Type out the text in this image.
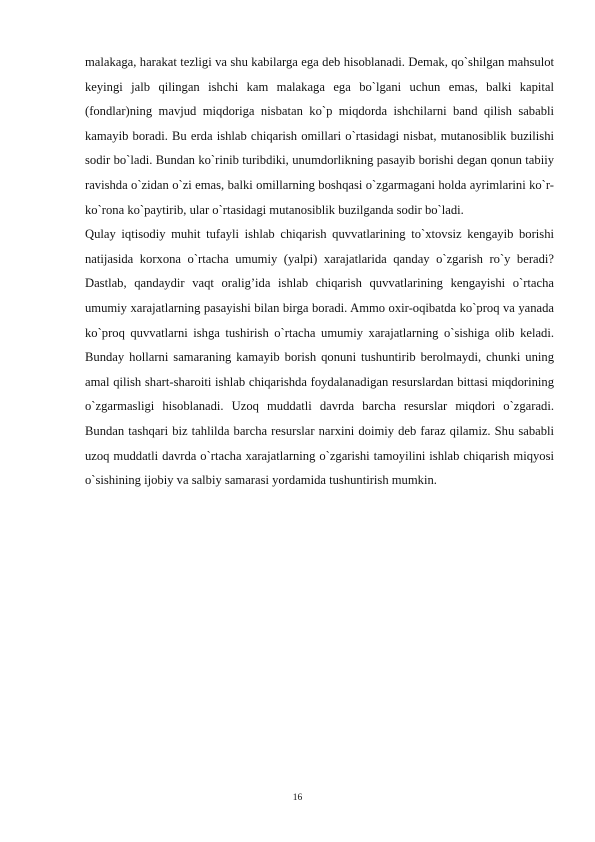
malakaga, harakat tezligi va shu kabilarga ega deb hisoblanadi. Demak, qo`shilgan mahsulot keyingi jalb qilingan ishchi kam malakaga ega bo`lgani uchun emas, balki kapital (fondlar)ning mavjud miqdoriga nisbatan ko`p miqdorda ishchilarni band qilish sababli kamayib boradi. Bu erda ishlab chiqarish omillari o`rtasidagi nisbat, mutanosiblik buzilishi sodir bo`ladi. Bundan ko`rinib turibdiki, unumdorlikning pasayib borishi degan qonun tabiiy ravishda o`zidan o`zi emas, balki omillarning boshqasi o`zgarmagani holda ayrimlarini ko`r-ko`rona ko`paytirib, ular o`rtasidagi mutanosiblik buzilganda sodir bo`ladi.

Qulay iqtisodiy muhit tufayli ishlab chiqarish quvvatlarining to`xtovsiz kengayib borishi natijasida korxona o`rtacha umumiy (yalpi) xarajatlarida qanday o`zgarish ro`y beradi? Dastlab, qandaydir vaqt oralig’ida ishlab chiqarish quvvatlarining kengayishi o`rtacha umumiy xarajatlarning pasayishi bilan birga boradi. Ammo oxir-oqibatda ko`proq va yanada ko`proq quvvatlarni ishga tushirish o`rtacha umumiy xarajatlarning o`sishiga olib keladi. Bunday hollarni samaraning kamayib borish qonuni tushuntirib berolmaydi, chunki uning amal qilish shart-sharoiti ishlab chiqarishda foydalanadigan resurslardan bittasi miqdorining o`zgarmasligi hisoblanadi. Uzoq muddatli davrda barcha resurslar miqdori o`zgaradi. Bundan tashqari biz tahlilda barcha resurslar narxini doimiy deb faraz qilamiz. Shu sababli uzoq muddatli davrda o`rtacha xarajatlarning o`zgarishi tamoyilini ishlab chiqarish miqyosi o`sishining ijobiy va salbiy samarasi yordamida tushuntirish mumkin.

16
